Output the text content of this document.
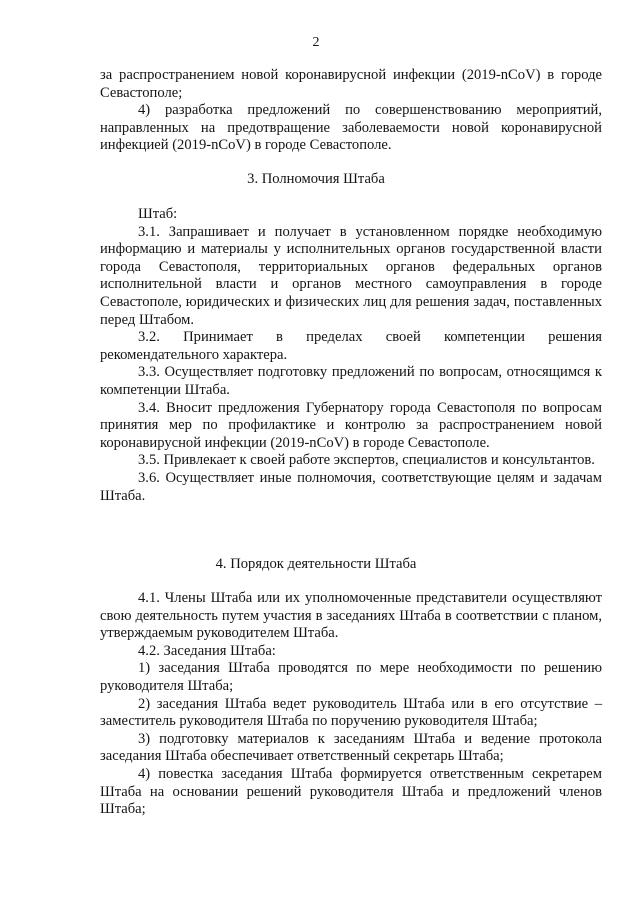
2

за распространением новой коронавирусной инфекции (2019-nCoV) в городе Севастополе;

4) разработка предложений по совершенствованию мероприятий, направленных на предотвращение заболеваемости новой коронавирусной инфекцией (2019-nCoV) в городе Севастополе.

3. Полномочия Штаба

Штаб:

3.1. Запрашивает и получает в установленном порядке необходимую информацию и материалы у исполнительных органов государственной власти города Севастополя, территориальных органов федеральных органов исполнительной власти и органов местного самоуправления в городе Севастополе, юридических и физических лиц для решения задач, поставленных перед Штабом.

3.2. Принимает в пределах своей компетенции решения рекомендательного характера.

3.3. Осуществляет подготовку предложений по вопросам, относящимся к компетенции Штаба.

3.4. Вносит предложения Губернатору города Севастополя по вопросам принятия мер по профилактике и контролю за распространением новой коронавирусной инфекции (2019-nCoV) в городе Севастополе.

3.5. Привлекает к своей работе экспертов, специалистов и консультантов.

3.6. Осуществляет иные полномочия, соответствующие целям и задачам Штаба.

4. Порядок деятельности Штаба

4.1. Члены Штаба или их уполномоченные представители осуществляют свою деятельность путем участия в заседаниях Штаба в соответствии с планом, утверждаемым руководителем Штаба.

4.2. Заседания Штаба:

1) заседания Штаба проводятся по мере необходимости по решению руководителя Штаба;

2) заседания Штаба ведет руководитель Штаба или в его отсутствие – заместитель руководителя Штаба по поручению руководителя Штаба;

3) подготовку материалов к заседаниям Штаба и ведение протокола заседания Штаба обеспечивает ответственный секретарь Штаба;

4) повестка заседания Штаба формируется ответственным секретарем Штаба на основании решений руководителя Штаба и предложений членов Штаба;
